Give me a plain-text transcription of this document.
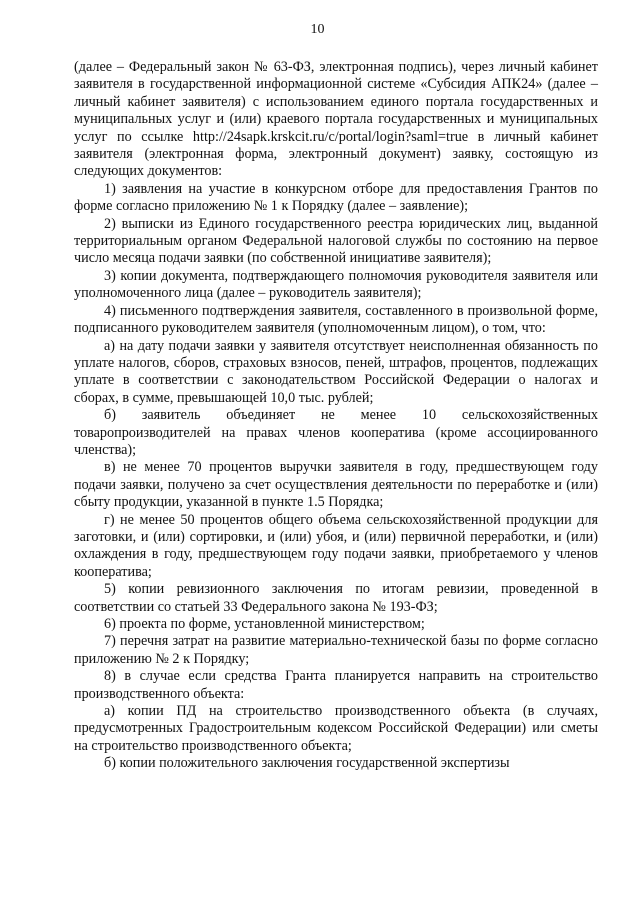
10

(далее – Федеральный закон № 63-ФЗ, электронная подпись), через личный кабинет заявителя в государственной информационной системе «Субсидия АПК24» (далее – личный кабинет заявителя) с использованием единого портала государственных и муниципальных услуг и (или) краевого портала государственных и муниципальных услуг по ссылке http://24sapk.krskcit.ru/c/portal/login?saml=true в личный кабинет заявителя (электронная форма, электронный документ) заявку, состоящую из следующих документов:

1) заявления на участие в конкурсном отборе для предоставления Грантов по форме согласно приложению № 1 к Порядку (далее – заявление);

2) выписки из Единого государственного реестра юридических лиц, выданной территориальным органом Федеральной налоговой службы по состоянию на первое число месяца подачи заявки (по собственной инициативе заявителя);

3) копии документа, подтверждающего полномочия руководителя заявителя или уполномоченного лица (далее – руководитель заявителя);

4) письменного подтверждения заявителя, составленного в произвольной форме, подписанного руководителем заявителя (уполномоченным лицом), о том, что:

а) на дату подачи заявки у заявителя отсутствует неисполненная обязанность по уплате налогов, сборов, страховых взносов, пеней, штрафов, процентов, подлежащих уплате в соответствии с законодательством Российской Федерации о налогах и сборах, в сумме, превышающей 10,0 тыс. рублей;

б) заявитель объединяет не менее 10 сельскохозяйственных товаропроизводителей на правах членов кооператива (кроме ассоциированного членства);

в) не менее 70 процентов выручки заявителя в году, предшествующем году подачи заявки, получено за счет осуществления деятельности по переработке и (или) сбыту продукции, указанной в пункте 1.5 Порядка;

г) не менее 50 процентов общего объема сельскохозяйственной продукции для заготовки, и (или) сортировки, и (или) убоя, и (или) первичной переработки, и (или) охлаждения в году, предшествующем году подачи заявки, приобретаемого у членов кооператива;

5) копии ревизионного заключения по итогам ревизии, проведенной в соответствии со статьей 33 Федерального закона № 193-ФЗ;

6) проекта по форме, установленной министерством;

7) перечня затрат на развитие материально-технической базы по форме согласно приложению № 2 к Порядку;

8) в случае если средства Гранта планируется направить на строительство производственного объекта:

а) копии ПД на строительство производственного объекта (в случаях, предусмотренных Градостроительным кодексом Российской Федерации) или сметы на строительство производственного объекта;

б) копии положительного заключения государственной экспертизы
